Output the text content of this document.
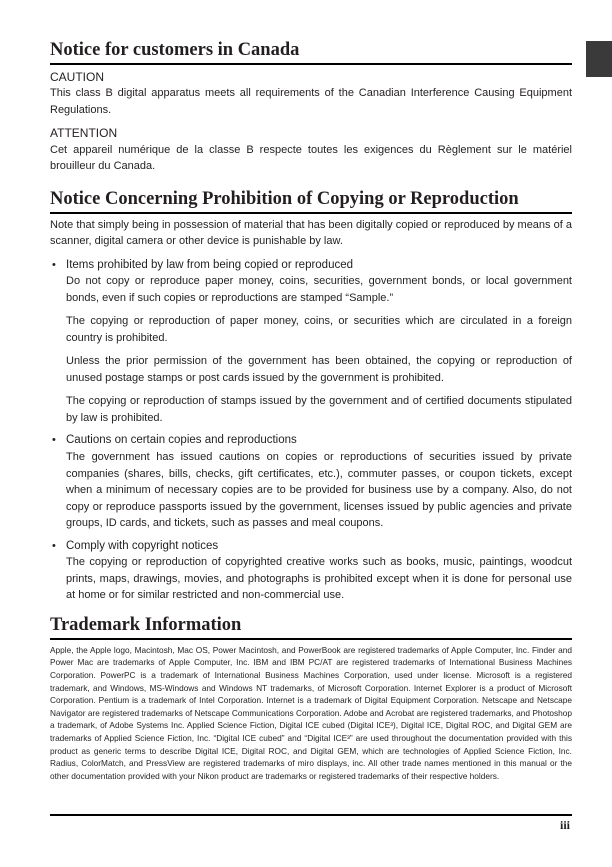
Notice for customers in Canada

CAUTION

This class B digital apparatus meets all requirements of the Canadian Interference Causing Equipment Regulations.

ATTENTION

Cet appareil numérique de la classe B respecte toutes les exigences du Règlement sur le matériel brouilleur du Canada.

Notice Concerning Prohibition of Copying or Reproduction

Note that simply being in possession of material that has been digitally copied or reproduced by means of a scanner, digital camera or other device is punishable by law.

• Items prohibited by law from being copied or reproduced

Do not copy or reproduce paper money, coins, securities, government bonds, or local government bonds, even if such copies or reproductions are stamped “Sample.”

The copying or reproduction of paper money, coins, or securities which are circulated in a foreign country is prohibited.

Unless the prior permission of the government has been obtained, the copying or reproduction of unused postage stamps or post cards issued by the government is prohibited.

The copying or reproduction of stamps issued by the government and of certified documents stipulated by law is prohibited.

• Cautions on certain copies and reproductions

The government has issued cautions on copies or reproductions of securities issued by private companies (shares, bills, checks, gift certificates, etc.), commuter passes, or coupon tickets, except when a minimum of necessary copies are to be provided for business use by a company. Also, do not copy or reproduce passports issued by the government, licenses issued by public agencies and private groups, ID cards, and tickets, such as passes and meal coupons.

• Comply with copyright notices

The copying or reproduction of copyrighted creative works such as books, music, paintings, woodcut prints, maps, drawings, movies, and photographs is prohibited except when it is done for personal use at home or for similar restricted and non-commercial use.

Trademark Information

Apple, the Apple logo, Macintosh, Mac OS, Power Macintosh, and PowerBook are registered trademarks of Apple Computer, Inc. Finder and Power Mac are trademarks of Apple Computer, Inc. IBM and IBM PC/AT are registered trademarks of International Business Machines Corporation. PowerPC is a trademark of International Business Machines Corporation, used under license. Microsoft is a registered trademark, and Windows, MS-Windows and Windows NT trademarks, of Microsoft Corporation. Internet Explorer is a product of Microsoft Corporation. Pentium is a trademark of Intel Corporation. Internet is a trademark of Digital Equipment Corporation. Netscape and Netscape Navigator are registered trademarks of Netscape Communications Corporation. Adobe and Acrobat are registered trademarks, and Photoshop a trademark, of Adobe Systems Inc. Applied Science Fiction, Digital ICE cubed (Digital ICE³), Digital ICE, Digital ROC, and Digital GEM are trademarks of Applied Science Fiction, Inc. “Digital ICE cubed” and “Digital ICE³” are used throughout the documentation provided with this product as generic terms to describe Digital ICE, Digital ROC, and Digital GEM, which are technologies of Applied Science Fiction, Inc. Radius, ColorMatch, and PressView are registered trademarks of miro displays, inc. All other trade names mentioned in this manual or the other documentation provided with your Nikon product are trademarks or registered trademarks of their respective holders.

iii
